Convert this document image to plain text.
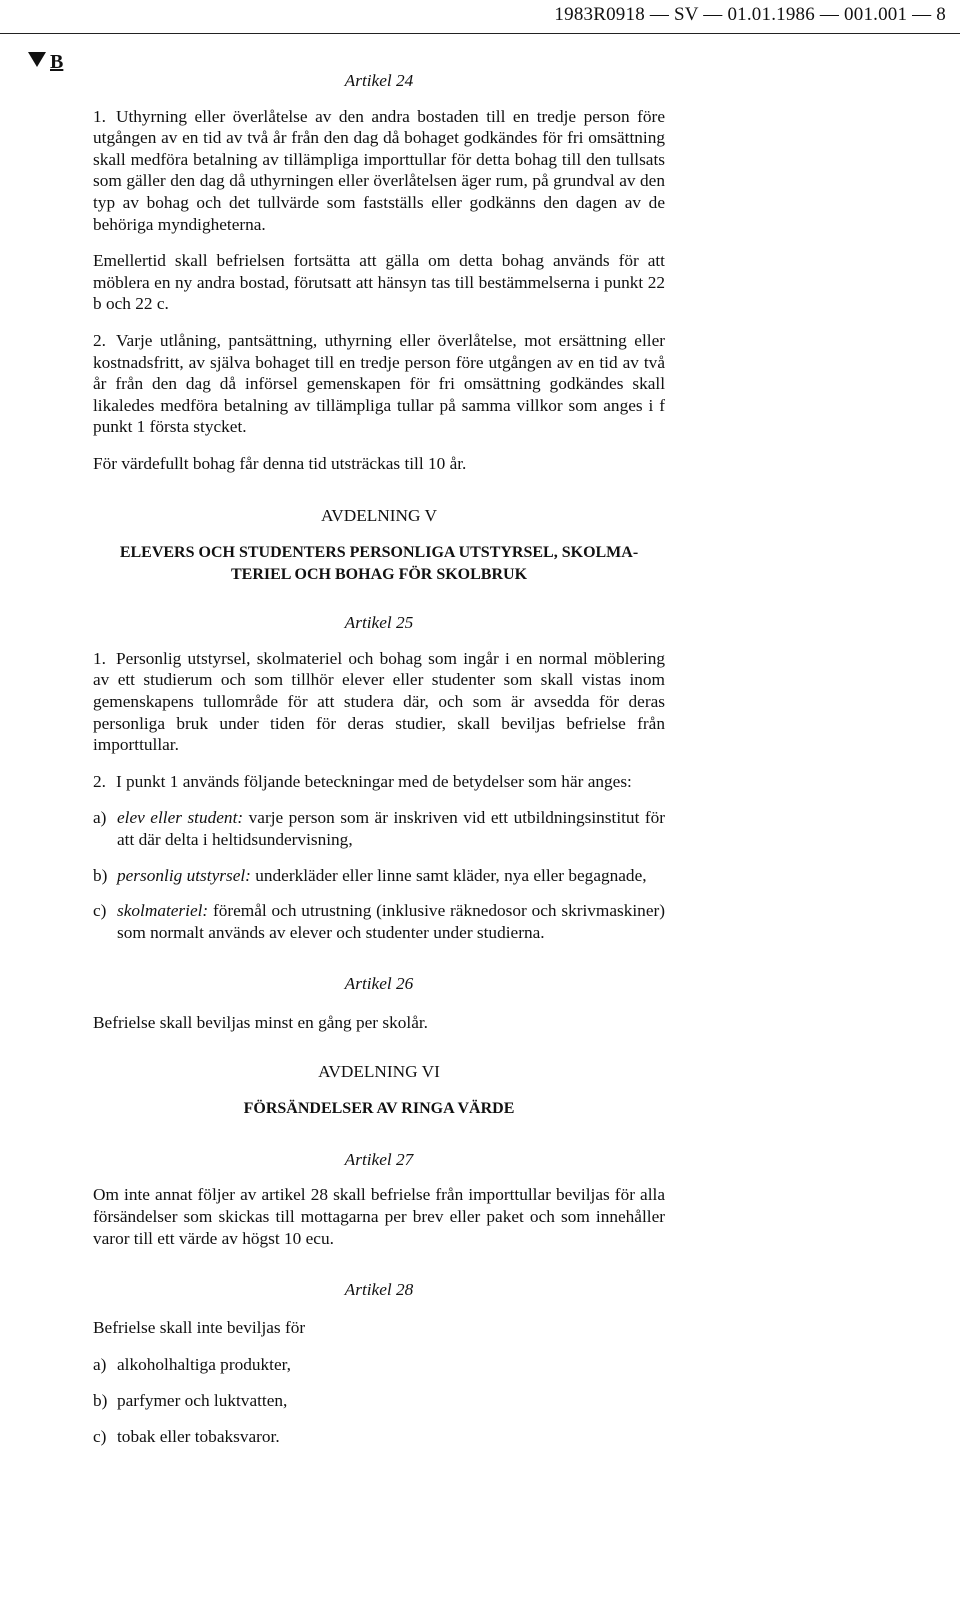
1983R0918 — SV — 01.01.1986 — 001.001 — 8
B

Artikel 24

1. Uthyrning eller överlåtelse av den andra bostaden till en tredje person före utgången av en tid av två år från den dag då bohaget godkändes för fri omsättning skall medföra betalning av tillämpliga importtullar för detta bohag till den tullsats som gäller den dag då uthyrningen eller överlåtelsen äger rum, på grundval av den typ av bohag och det tullvärde som fastställs eller godkänns den dagen av de behöriga myndigheterna.

Emellertid skall befrielsen fortsätta att gälla om detta bohag används för att möblera en ny andra bostad, förutsatt att hänsyn tas till bestämmelserna i punkt 22 b och 22 c.

2. Varje utlåning, pantsättning, uthyrning eller överlåtelse, mot ersättning eller kostnadsfritt, av själva bohaget till en tredje person före utgången av en tid av två år från den dag då införsel gemenskapen för fri omsättning godkändes skall likaledes medföra betalning av tillämpliga tullar på samma villkor som anges i f punkt 1 första stycket.

För värdefullt bohag får denna tid utsträckas till 10 år.

AVDELNING V

ELEVERS OCH STUDENTERS PERSONLIGA UTSTYRSEL, SKOLMA-

TERIEL OCH BOHAG FÖR SKOLBRUK

Artikel 25

1. Personlig utstyrsel, skolmateriel och bohag som ingår i en normal möblering av ett studierum och som tillhör elever eller studenter som skall vistas inom gemenskapens tullområde för att studera där, och som är avsedda för deras personliga bruk under tiden för deras studier, skall beviljas befrielse från importtullar.

2. I punkt 1 används följande beteckningar med de betydelser som här anges:

a) elev eller student: varje person som är inskriven vid ett utbildningsinstitut för att där delta i heltidsundervisning,
b) personlig utstyrsel: underkläder eller linne samt kläder, nya eller begagnade,
c) skolmateriel: föremål och utrustning (inklusive räknedosor och skrivmaskiner) som normalt används av elever och studenter under studierna.

Artikel 26

Befrielse skall beviljas minst en gång per skolår.

AVDELNING VI

FÖRSÄNDELSER AV RINGA VÄRDE

Artikel 27

Om inte annat följer av artikel 28 skall befrielse från importtullar beviljas för alla försändelser som skickas till mottagarna per brev eller paket och som innehåller varor till ett värde av högst 10 ecu.

Artikel 28

Befrielse skall inte beviljas för

a) alkoholhaltiga produkter,
b) parfymer och luktvatten,
c) tobak eller tobaksvaror.
